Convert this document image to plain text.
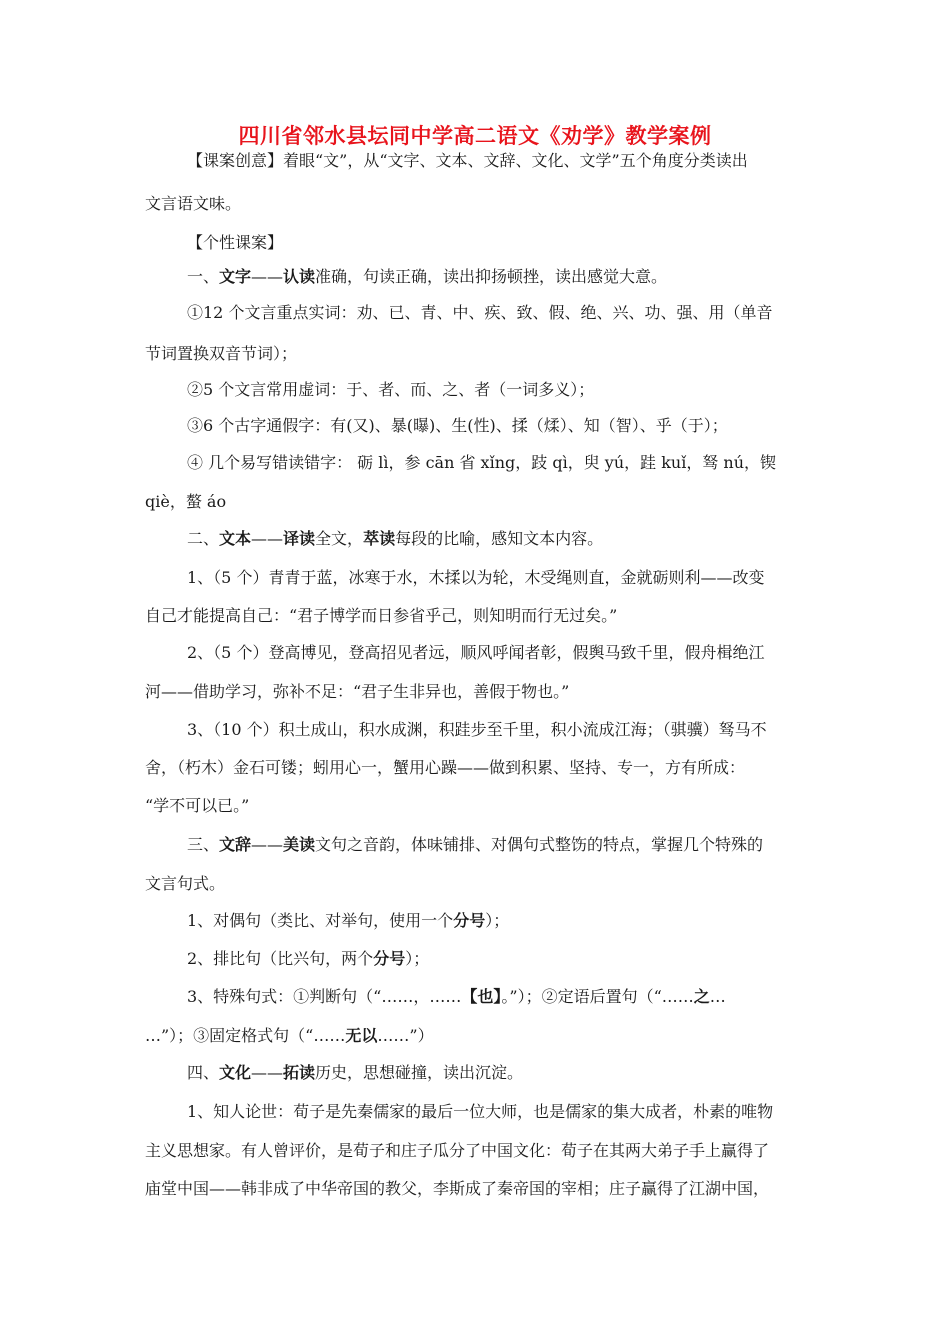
四川省邻水县坛同中学高二语文《劝学》教学案例
【课案创意】着眼“文”，从“文字、文本、文辞、文化、文学”五个角度分类读出
文言语文味。
【个性课案】
一、文字——认读准确，句读正确，读出抑扬顿挫，读出感觉大意。
①12 个文言重点实词：劝、已、青、中、疾、致、假、绝、兴、功、强、用（单音
节词置换双音节词）；
②5 个文言常用虚词：于、者、而、之、者（一词多义）；
③6 个古字通假字：有(又)、暴(曝)、生(性)、揉（煣）、知（智）、乎（于）；
④ 几个易写错读错字： 砺 lì，参 cān 省 xǐng，跂 qì，臾 yú，跬 kuǐ，驽 nú，锲
qiè，螯 áo
二、文本——译读全文，萃读每段的比喻，感知文本内容。
1、（5 个）青青于蓝，冰寒于水，木揉以为轮，木受绳则直，金就砺则利——改变
自己才能提高自己：“君子博学而日参省乎己，则知明而行无过矣。”
2、（5 个）登高博见，登高招见者远，顺风呼闻者彰，假舆马致千里，假舟楫绝江
河——借助学习，弥补不足：“君子生非异也，善假于物也。”
3、（10 个）积土成山，积水成渊，积跬步至千里，积小流成江海；（骐骥）驽马不
舍，（朽木）金石可镂；蚓用心一，蟹用心躁——做到积累、坚持、专一，方有所成：
“学不可以已。”
三、文辞——美读文句之音韵，体味铺排、对偶句式整饬的特点，掌握几个特殊的
文言句式。
1、对偶句（类比、对举句，使用一个分号）；
2、排比句（比兴句，两个分号）；
3、特殊句式：①判断句（“……，……【也】。”）；②定语后置句（“……之…
…”）；③固定格式句（“……无以……”）
四、文化——拓读历史，思想碰撞，读出沉淀。
1、知人论世：荀子是先秦儒家的最后一位大师，也是儒家的集大成者，朴素的唯物
主义思想家。有人曾评价，是荀子和庄子瓜分了中国文化：荀子在其两大弟子手上赢得了
庙堂中国——韩非成了中华帝国的教父，李斯成了秦帝国的宰相；庄子赢得了江湖中国，
